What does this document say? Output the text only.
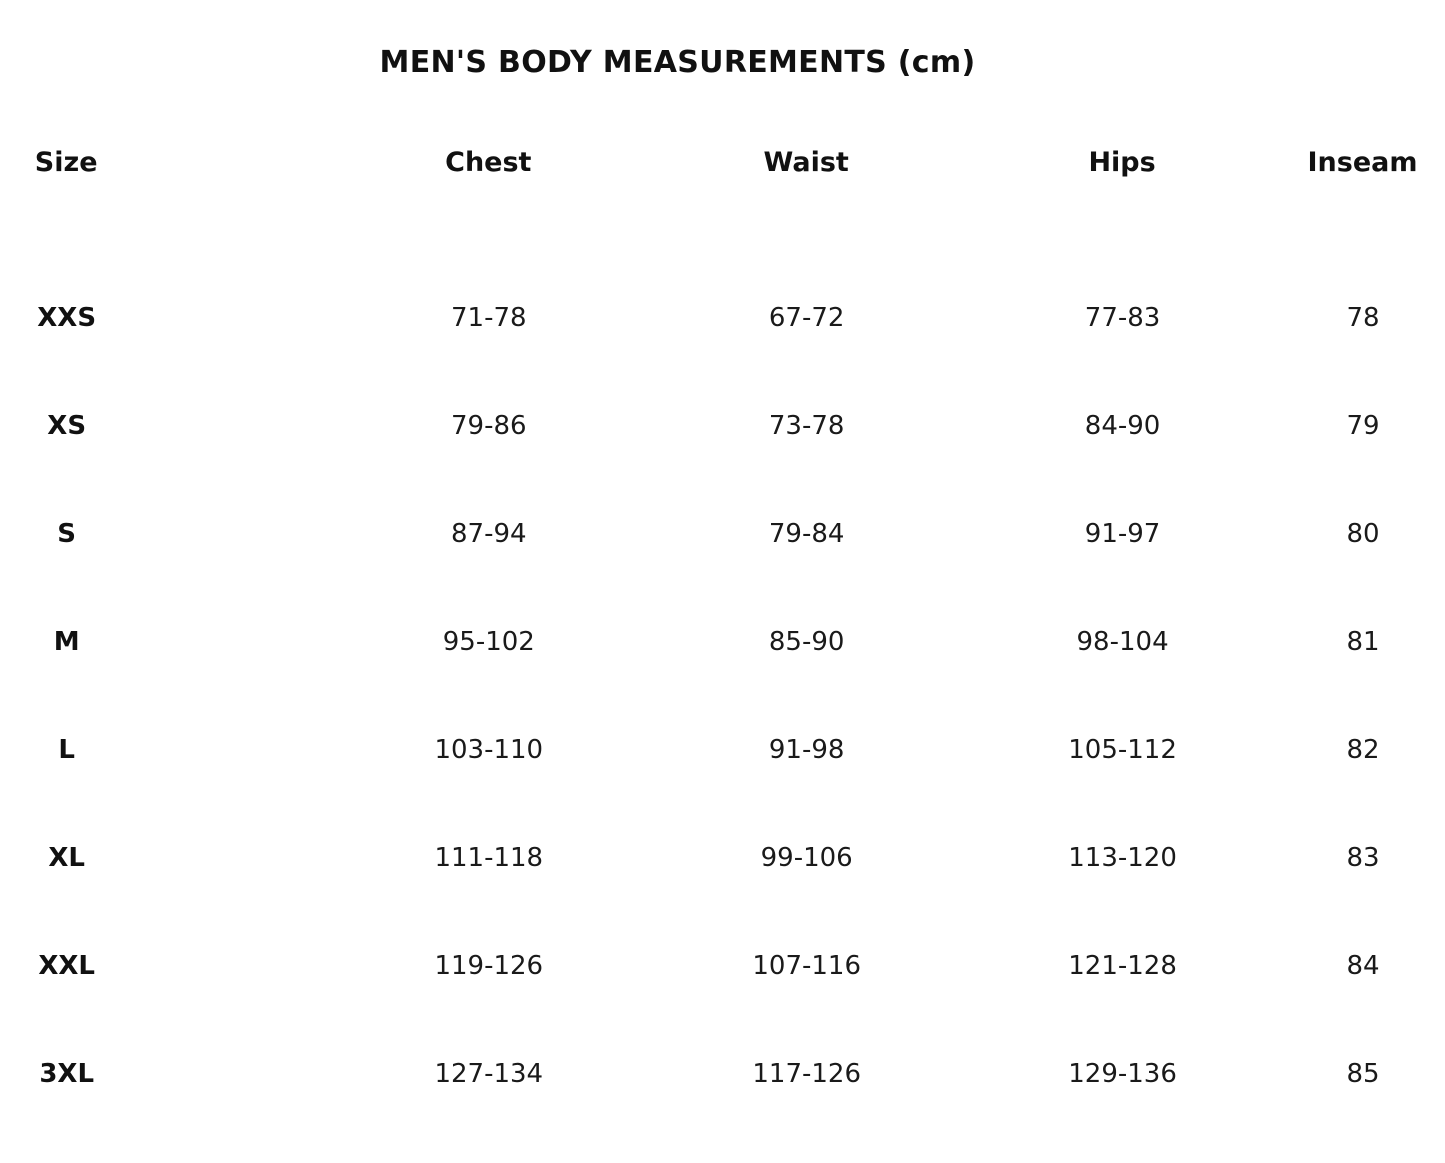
MEN'S BODY MEASUREMENTS (cm)
Size	Chest	Waist	Hips	Inseam

XXS	71-78	67-72	77-83	78
XS	79-86	73-78	84-90	79
S	87-94	79-84	91-97	80
M	95-102	85-90	98-104	81
L	103-110	91-98	105-112	82
XL	111-118	99-106	113-120	83
XXL	119-126	107-116	121-128	84
3XL	127-134	117-126	129-136	85
